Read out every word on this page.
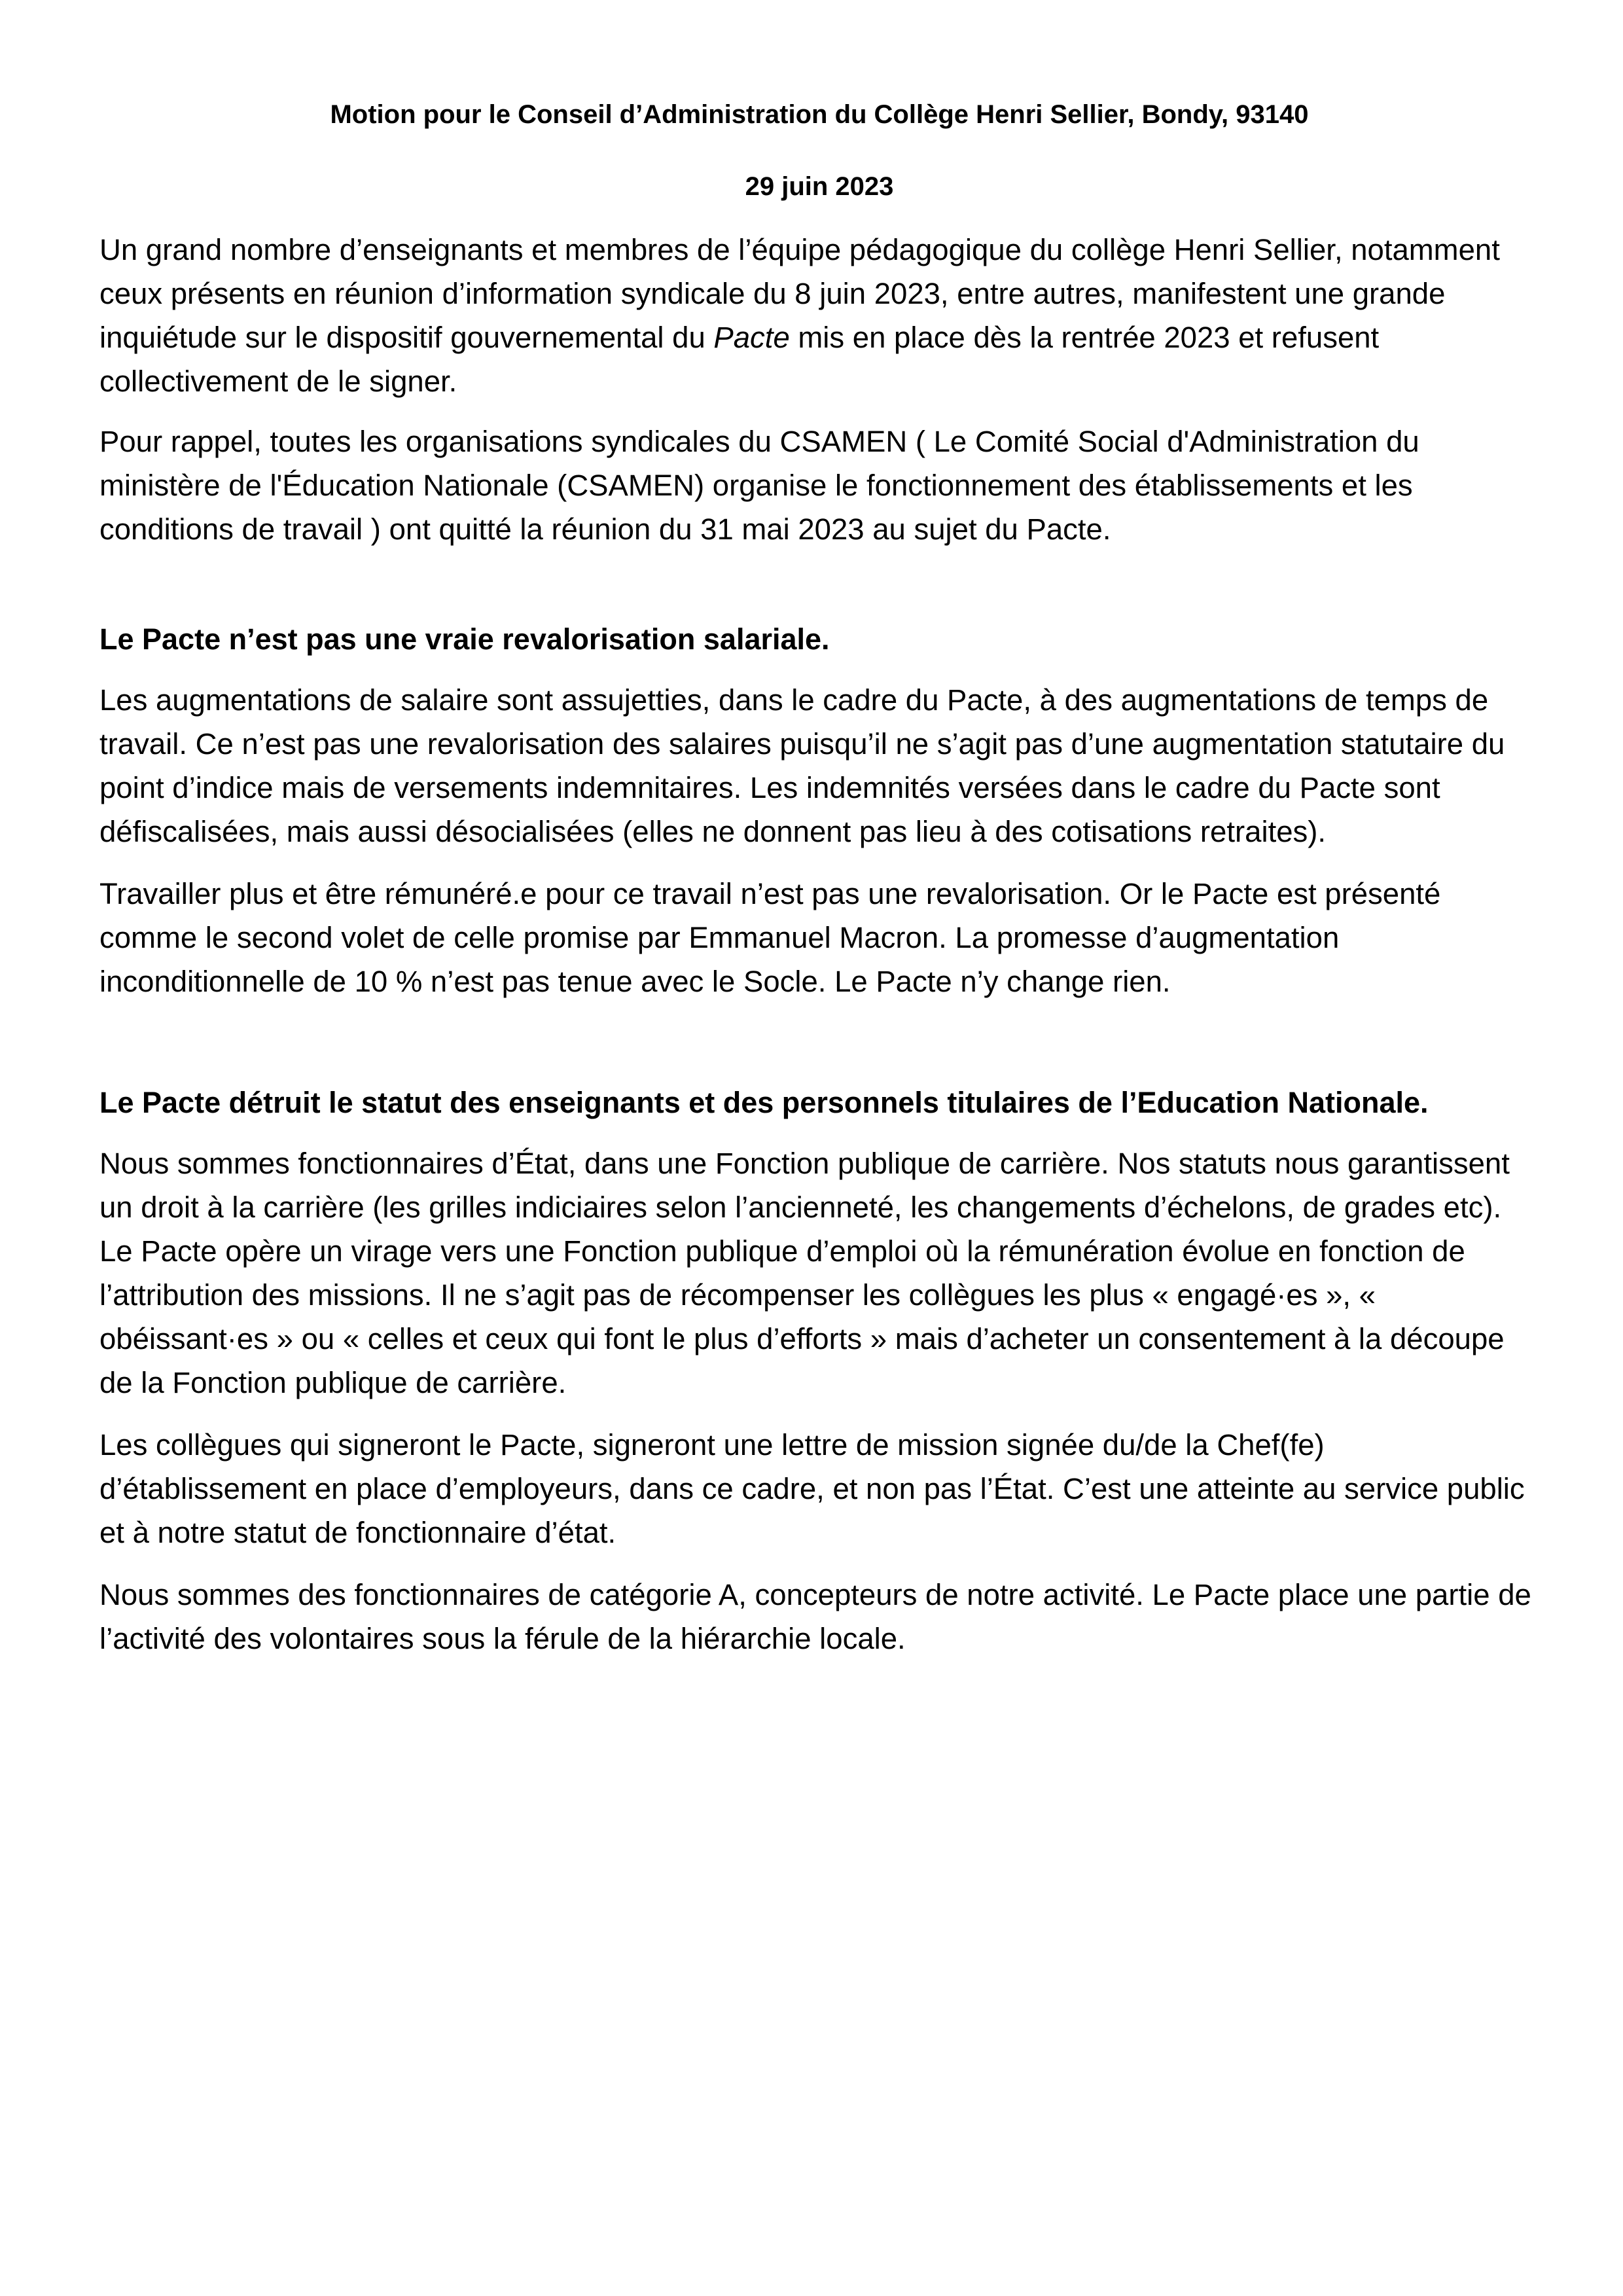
Motion pour le Conseil d’Administration du Collège Henri Sellier, Bondy, 93140
29 juin 2023

Un grand nombre d’enseignants et membres de l’équipe pédagogique du collège Henri Sellier, notamment ceux présents en réunion d’information syndicale du 8 juin 2023, entre autres, manifestent une grande inquiétude sur le dispositif gouvernemental du Pacte mis en place dès la rentrée 2023 et refusent collectivement de le signer.

Pour rappel, toutes les organisations syndicales du CSAMEN ( Le Comité Social d'Administration du ministère de l'Éducation Nationale (CSAMEN) organise le fonctionnement des établissements et les conditions de travail ) ont quitté la réunion du 31 mai 2023 au sujet du Pacte.

Le Pacte n’est pas une vraie revalorisation salariale.

Les augmentations de salaire sont assujetties, dans le cadre du Pacte, à des augmentations de temps de travail. Ce n’est pas une revalorisation des salaires puisqu’il ne s’agit pas d’une augmentation statutaire du point d’indice mais de versements indemnitaires. Les indemnités versées dans le cadre du Pacte sont défiscalisées, mais aussi désocialisées (elles ne donnent pas lieu à des cotisations retraites).

Travailler plus et être rémunéré.e pour ce travail n’est pas une revalorisation. Or le Pacte est présenté comme le second volet de celle promise par Emmanuel Macron. La promesse d’augmentation inconditionnelle de 10 % n’est pas tenue avec le Socle. Le Pacte n’y change rien.

Le Pacte détruit le statut des enseignants et des personnels titulaires de l’Education Nationale.

Nous sommes fonctionnaires d’État, dans une Fonction publique de carrière. Nos statuts nous garantissent un droit à la carrière (les grilles indiciaires selon l’ancienneté, les changements d’échelons, de grades etc). Le Pacte opère un virage vers une Fonction publique d’emploi où la rémunération évolue en fonction de l’attribution des missions. Il ne s’agit pas de récompenser les collègues les plus « engagé·es », « obéissant·es » ou « celles et ceux qui font le plus d’efforts » mais d’acheter un consentement à la découpe de la Fonction publique de carrière.

Les collègues qui signeront le Pacte, signeront une lettre de mission signée du/de la Chef(fe) d’établissement en place d’employeurs, dans ce cadre, et non pas l’État. C’est une atteinte au service public et à notre statut de fonctionnaire d’état.

Nous sommes des fonctionnaires de catégorie A, concepteurs de notre activité. Le Pacte place une partie de l’activité des volontaires sous la férule de la hiérarchie locale.
